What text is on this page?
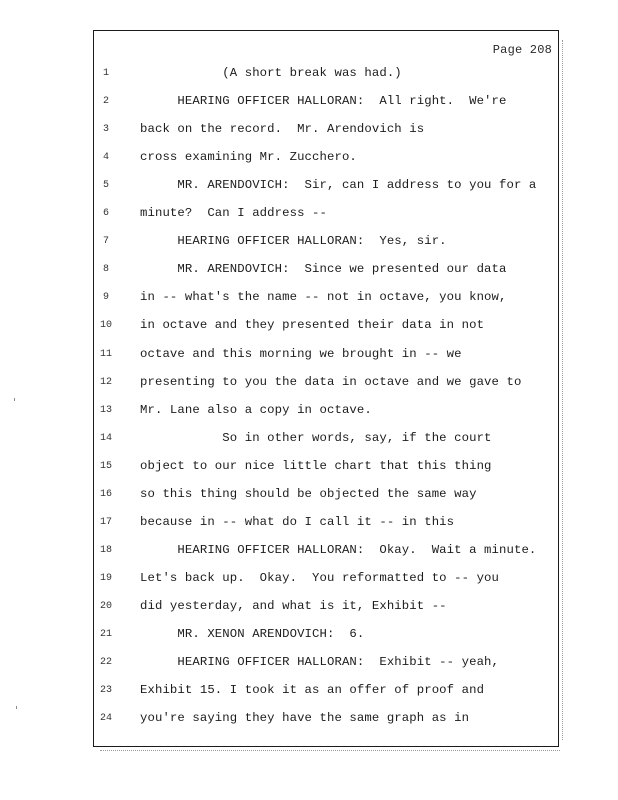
Page 208
1	(A short break was had.)
2	HEARING OFFICER HALLORAN:  All right.  We're
3	back on the record.  Mr. Arendovich is
4	cross examining Mr. Zucchero.
5	MR. ARENDOVICH:  Sir, can I address to you for a
6	minute?  Can I address --
7	HEARING OFFICER HALLORAN:  Yes, sir.
8	MR. ARENDOVICH:  Since we presented our data
9	in -- what's the name -- not in octave, you know,
10	in octave and they presented their data in not
11	octave and this morning we brought in -- we
12	presenting to you the data in octave and we gave to
13	Mr. Lane also a copy in octave.
14	So in other words, say, if the court
15	object to our nice little chart that this thing
16	so this thing should be objected the same way
17	because in -- what do I call it -- in this
18	HEARING OFFICER HALLORAN:  Okay.  Wait a minute.
19	Let's back up.  Okay.  You reformatted to -- you
20	did yesterday, and what is it, Exhibit --
21	MR. XENON ARENDOVICH:  6.
22	HEARING OFFICER HALLORAN:  Exhibit -- yeah,
23	Exhibit 15. I took it as an offer of proof and
24	you're saying they have the same graph as in
